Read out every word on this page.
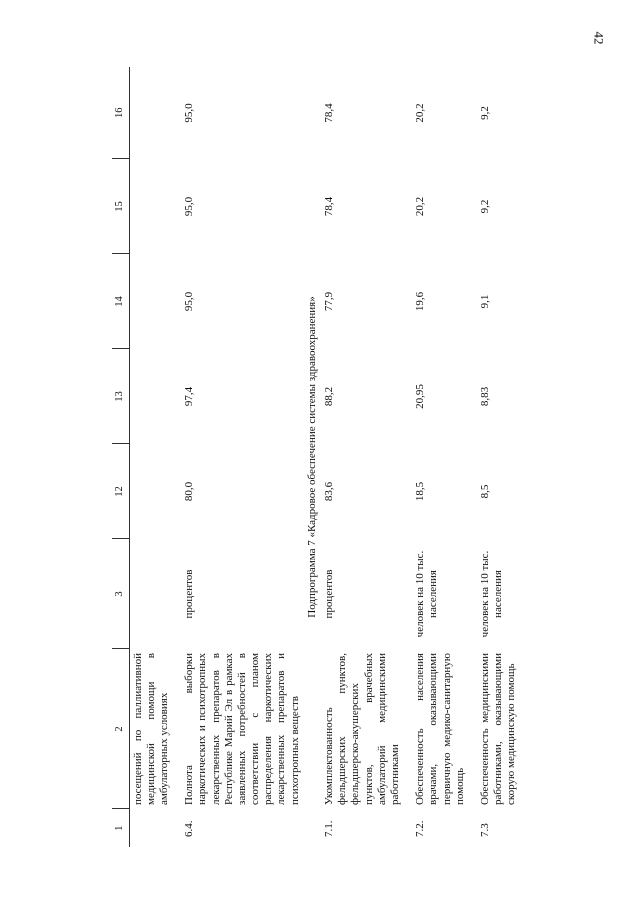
42
1	2	3	12	13	14	15	16
	посещений по паллиативной медицинской помощи в амбулаторных условиях						
6.4.	Полнота выборки наркотических и психотропных лекарственных препаратов в Республике Марий Эл в рамках заявленных потребностей в соответствии с планом распределения наркотических лекарственных препаратов и психотропных веществ	процентов	80,0	97,4	95,0	95,0	95,0
Подпрограмма 7 «Кадровое обеспечение системы здравоохранения»							
7.1.	Укомплектованность фельдшерских пунктов, фельдшерско-акушерских пунктов, врачебных амбулаторий медицинскими работниками	процентов	83,6	88,2	77,9	78,4	78,4
7.2.	Обеспеченность населения врачами, оказывающими первичную медико-санитарную помощь	человек на 10 тыс. населения	18,5	20,95	19,6	20,2	20,2
7.3	Обеспеченность медицинскими работниками, оказывающими скорую медицинскую помощь	человек на 10 тыс. населения	8,5	8,83	9,1	9,2	9,2
